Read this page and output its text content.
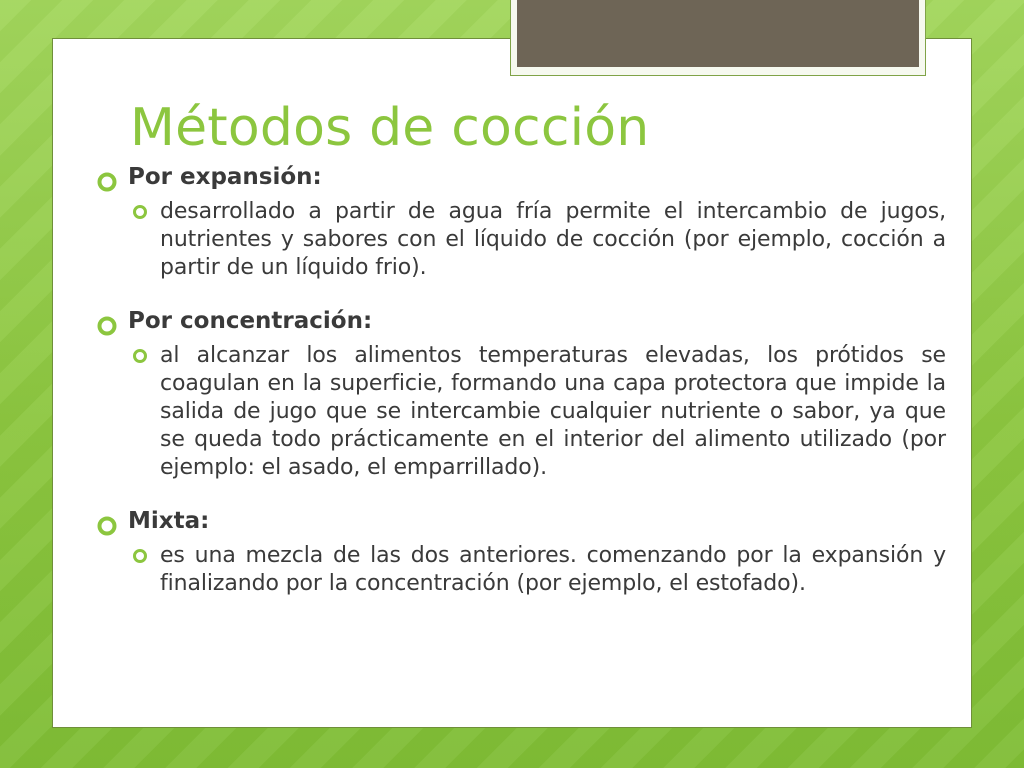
Métodos de cocción
Por expansión:

desarrollado a partir de agua fría permite el intercambio de jugos, nutrientes y sabores con el líquido de cocción (por ejemplo, cocción a partir de un líquido frio).

Por concentración:

al alcanzar los alimentos temperaturas elevadas, los prótidos se coagulan en la superficie, formando una capa protectora que impide la salida de jugo que se intercambie cualquier nutriente o sabor, ya que se queda todo prácticamente en el interior del alimento utilizado (por ejemplo: el asado, el emparrillado).

Mixta:

es una mezcla de las dos anteriores. comenzando por la expansión y finalizando por la concentración (por ejemplo, el estofado).
